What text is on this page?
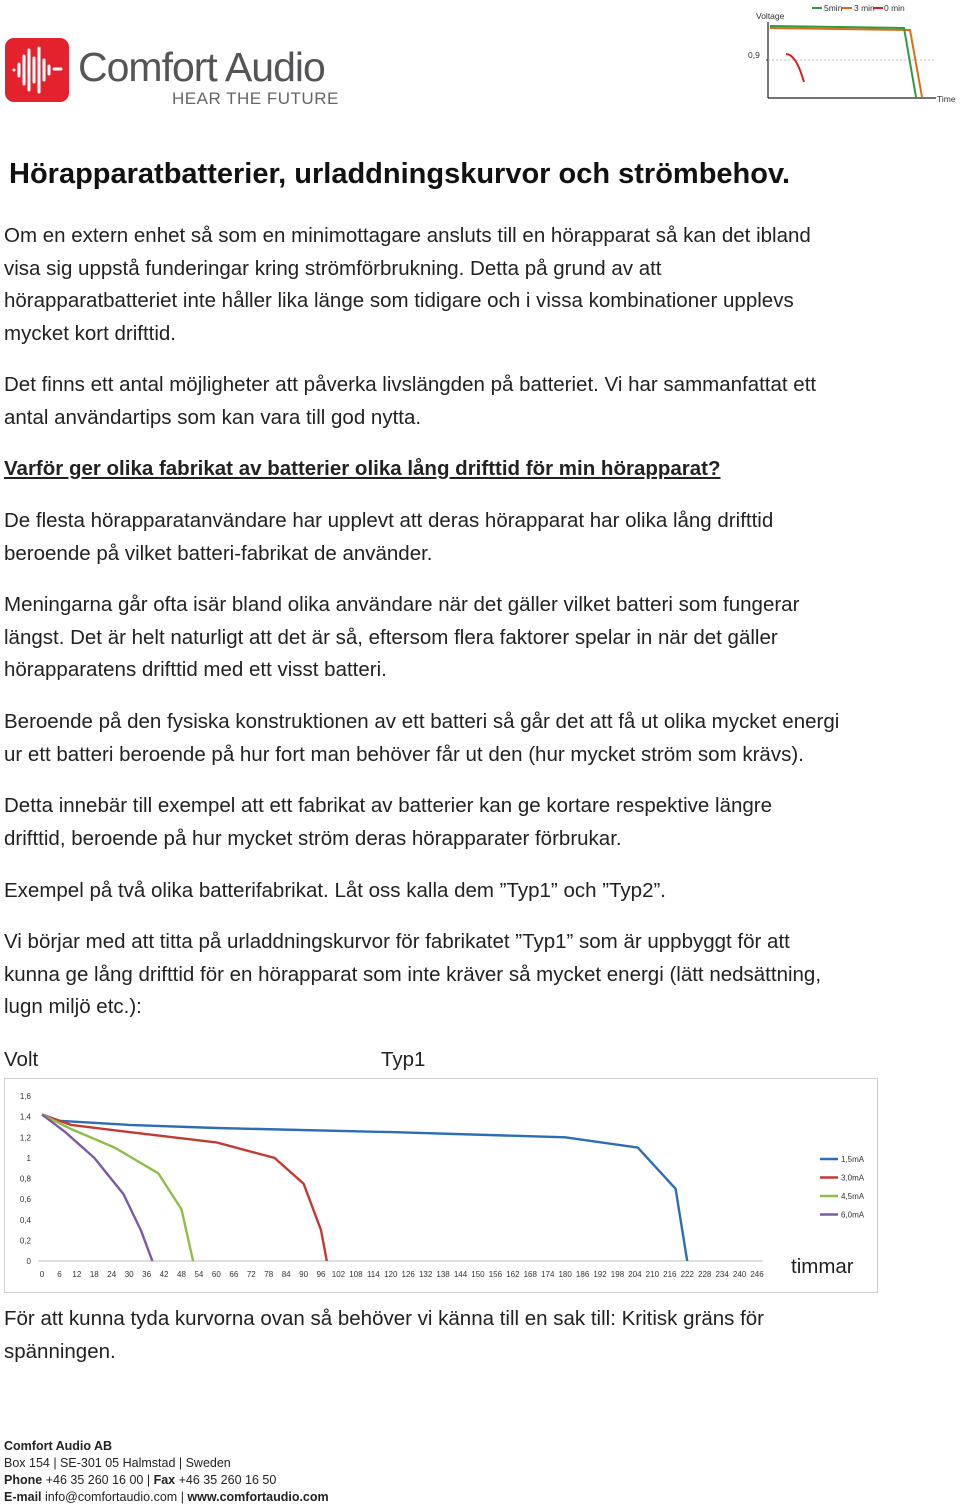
Comfort Audio
HEAR THE FUTURE
Voltage
Time
0,9
5min 3 min 0 min
Hörapparatbatterier, urladdningskurvor och strömbehov.
Om en extern enhet så som en minimottagare ansluts till en hörapparat så kan det ibland
visa sig uppstå funderingar kring strömförbrukning. Detta på grund av att
hörapparatbatteriet inte håller lika länge som tidigare och i vissa kombinationer upplevs
mycket kort drifttid.
Det finns ett antal möjligheter att påverka livslängden på batteriet. Vi har sammanfattat ett
antal användartips som kan vara till god nytta.
Varför ger olika fabrikat av batterier olika lång drifttid för min hörapparat?
De flesta hörapparatanvändare har upplevt att deras hörapparat har olika lång drifttid
beroende på vilket batteri-fabrikat de använder.
Meningarna går ofta isär bland olika användare när det gäller vilket batteri som fungerar
längst. Det är helt naturligt att det är så, eftersom flera faktorer spelar in när det gäller
hörapparatens drifttid med ett visst batteri.
Beroende på den fysiska konstruktionen av ett batteri så går det att få ut olika mycket energi
ur ett batteri beroende på hur fort man behöver får ut den (hur mycket ström som krävs).
Detta innebär till exempel att ett fabrikat av batterier kan ge kortare respektive längre
drifttid, beroende på hur mycket ström deras hörapparater förbrukar.
Exempel på två olika batterifabrikat. Låt oss kalla dem ”Typ1” och ”Typ2”.
Vi börjar med att titta på urladdningskurvor för fabrikatet ”Typ1” som är uppbyggt för att
kunna ge lång drifttid för en hörapparat som inte kräver så mycket energi (lätt nedsättning,
lugn miljö etc.):
Volt	Typ1
0
0,2
0,4
0,6
0,8
1
1,2
1,4
1,6
0 6 12 18 24 30 36 42 48 54 60 66 72 78 84 90 96 102 108 114 120 126 132 138 144 150 156 162 168 174 180 186 192 198 204 210 216 222 228 234 240 246
1,5mA
3,0mA
4,5mA
6,0mA
timmar
För att kunna tyda kurvorna ovan så behöver vi känna till en sak till: Kritisk gräns för
spänningen.
Comfort Audio AB
Box 154 | SE-301 05 Halmstad | Sweden
Phone +46 35 260 16 00 | Fax +46 35 260 16 50
E-mail info@comfortaudio.com | www.comfortaudio.com
